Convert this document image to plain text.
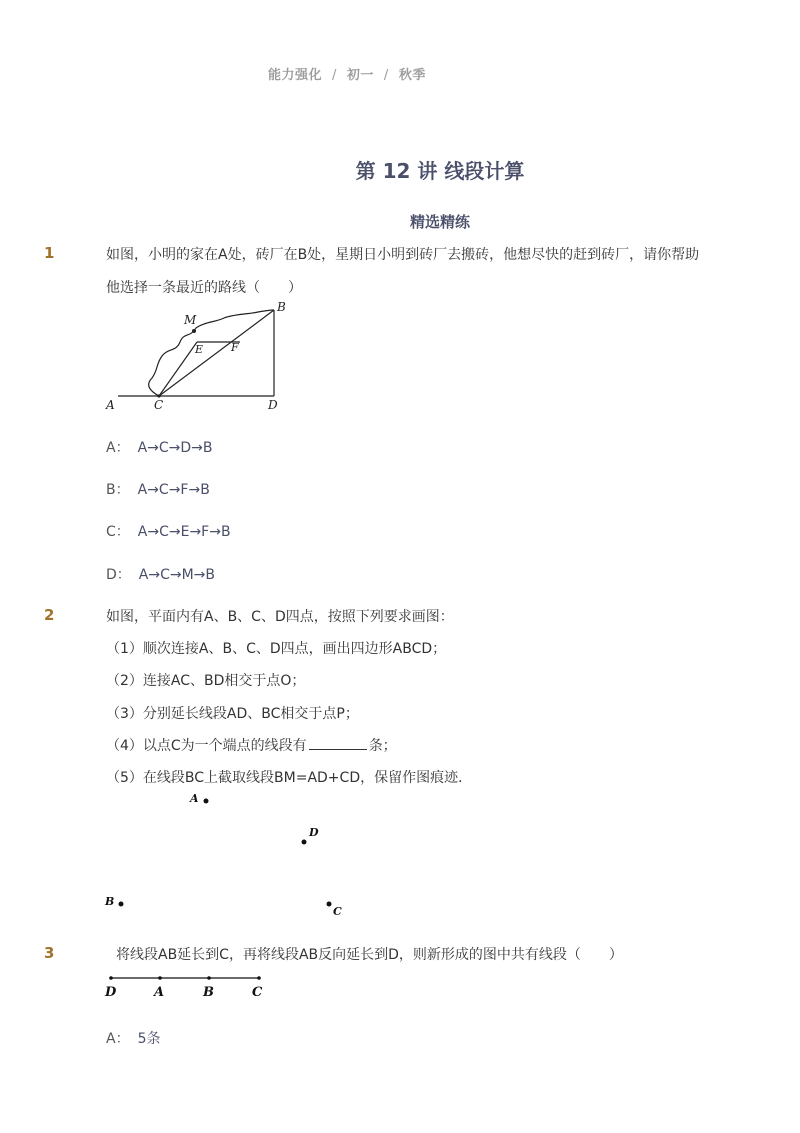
能力强化 / 初一 / 秋季
第 12 讲 线段计算
精选精练
1	如图，小明的家在A处，砖厂在B处，星期日小明到砖厂去搬砖，他想尽快的赶到砖厂，请你帮助
他选择一条最近的路线（　　）
A	C	D
B
M
E	F
A： A→C→D→B
B： A→C→F→B
C： A→C→E→F→B
D： A→C→M→B
2	如图，平面内有A、B、C、D四点，按照下列要求画图：
（1）顺次连接A、B、C、D四点，画出四边形ABCD；
（2）连接AC、BD相交于点O；
（3）分别延长线段AD、BC相交于点P；
（4）以点C为一个端点的线段有	条；
（5）在线段BC上截取线段BM=AD+CD，保留作图痕迹．
A
D
B
C
3	将线段AB延长到C，再将线段AB反向延长到D，则新形成的图中共有线段（　　）
D	A	B	C
A： 5条
